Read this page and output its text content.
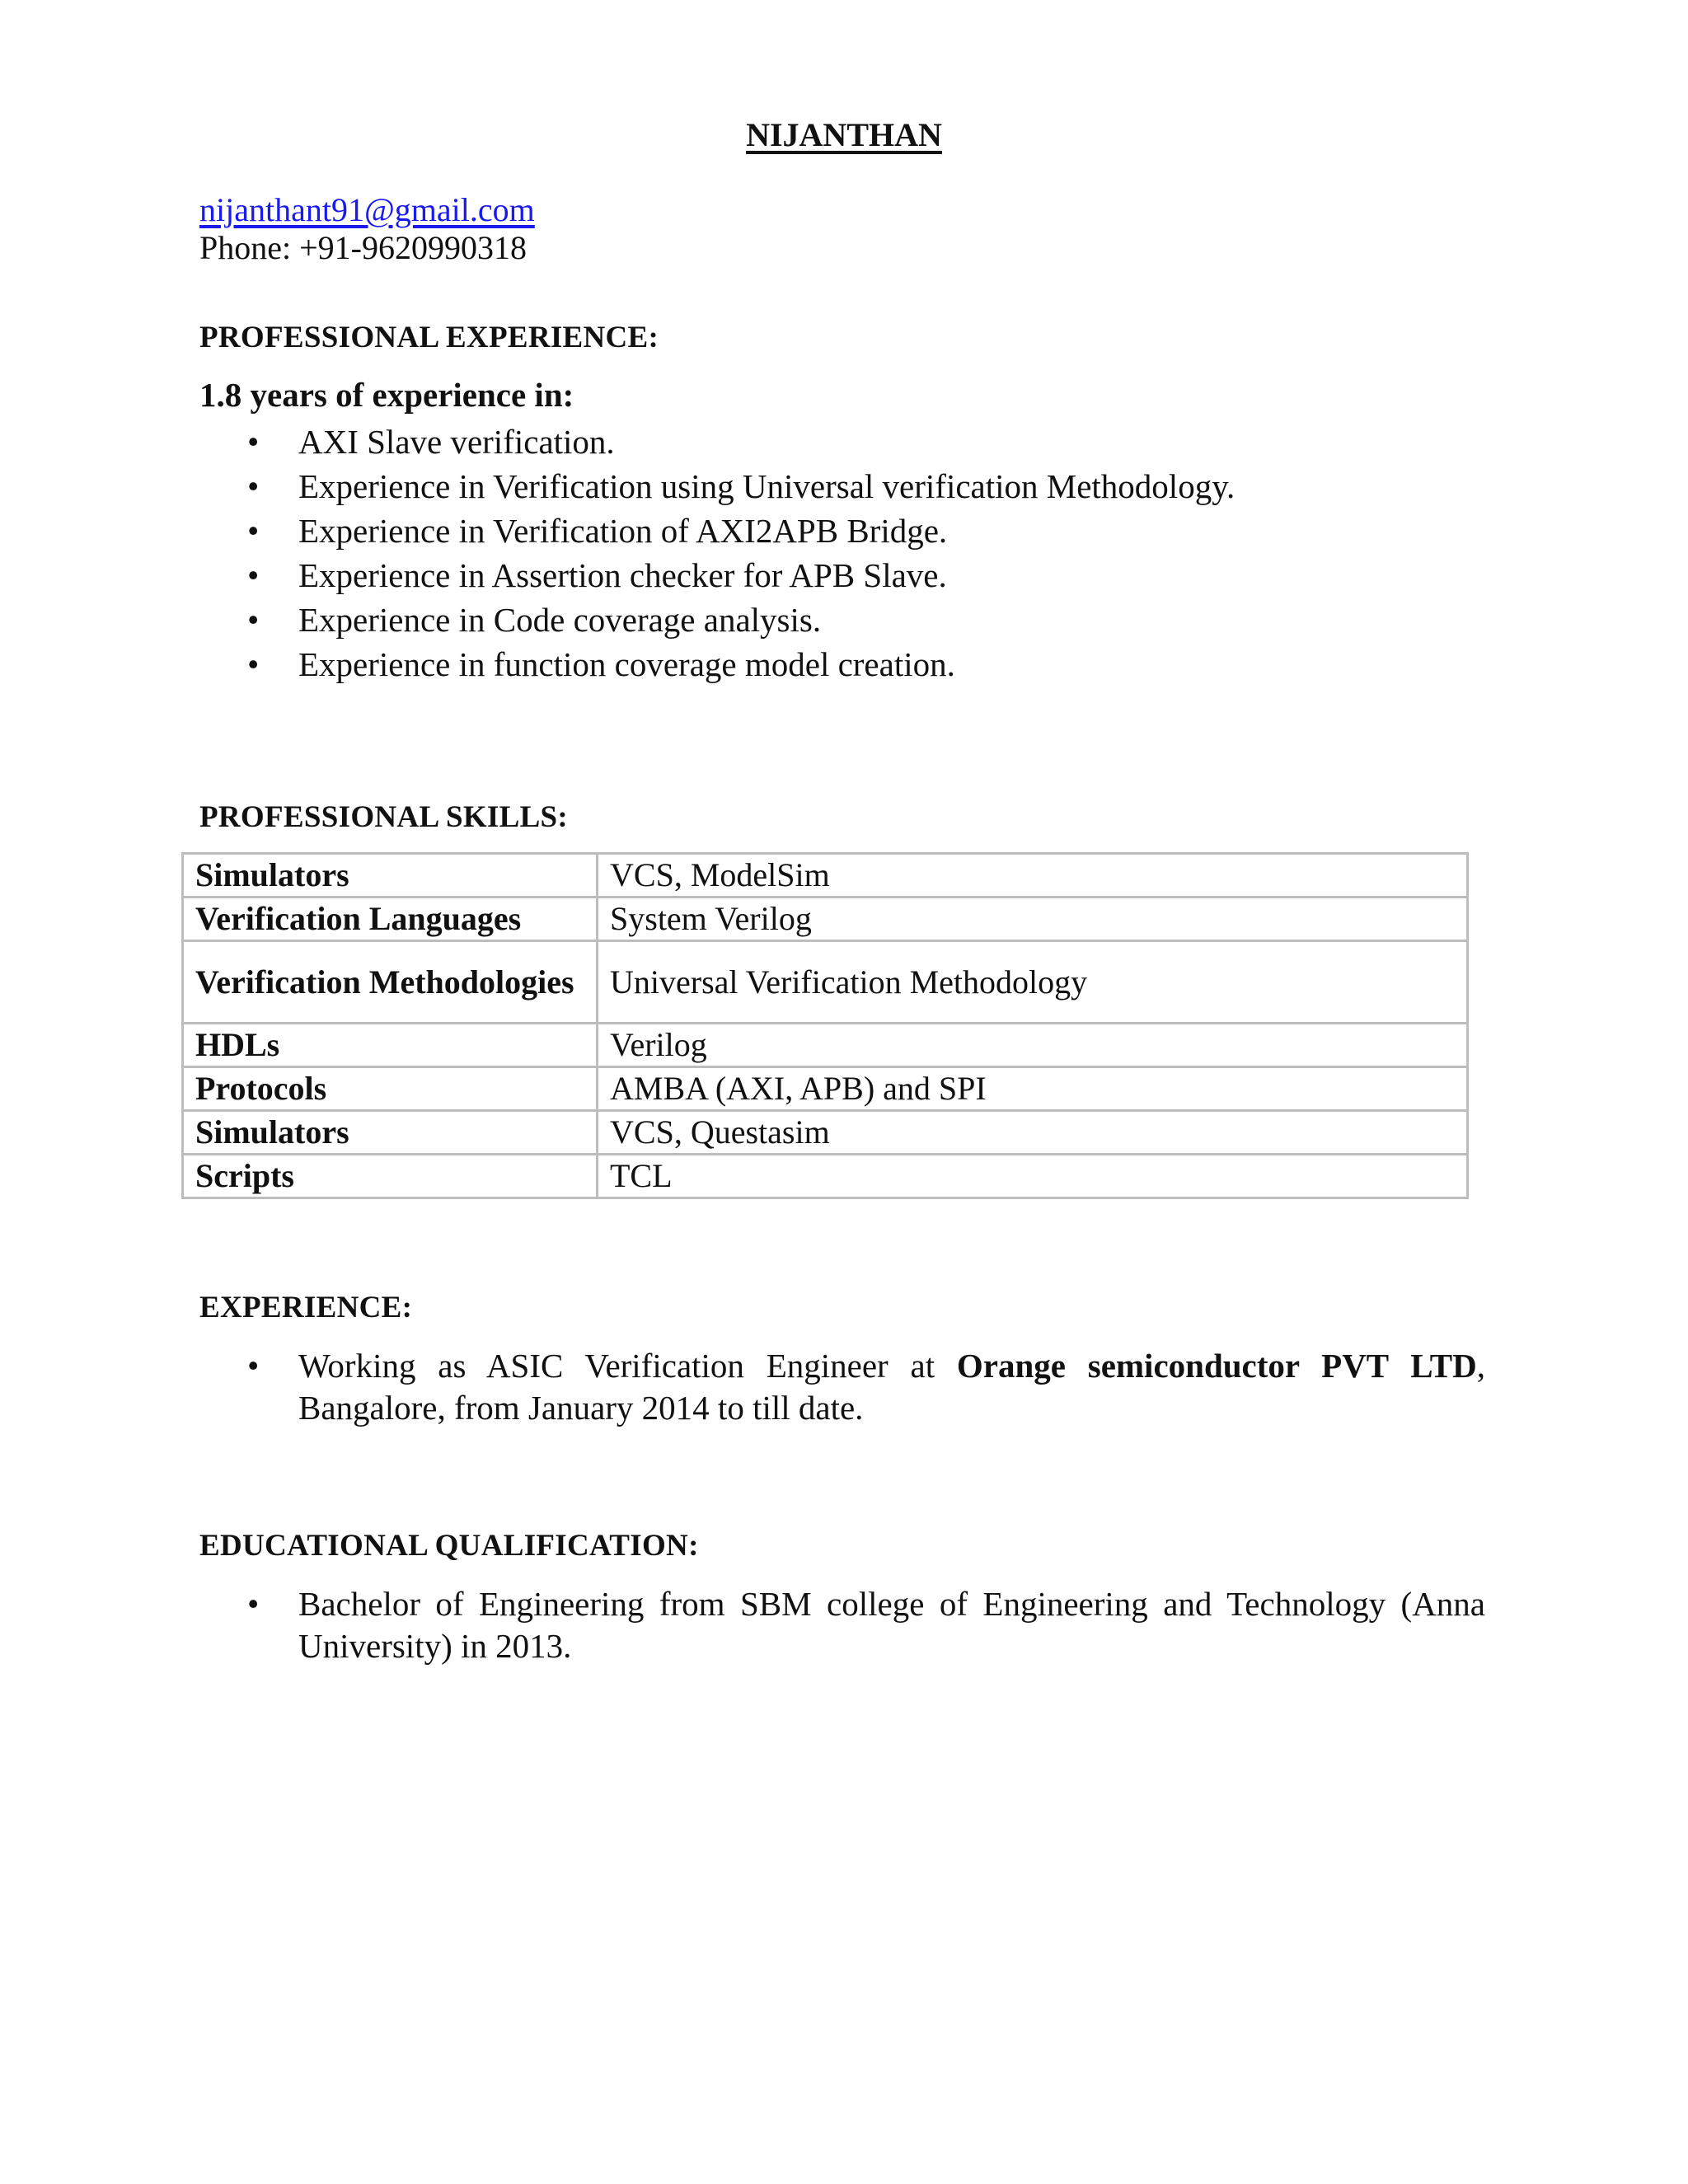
NIJANTHAN
nijanthant91@gmail.com
Phone: +91-9620990318
PROFESSIONAL EXPERIENCE:
1.8 years of experience in:
• AXI Slave verification.
• Experience in Verification using Universal verification Methodology.
• Experience in Verification of AXI2APB Bridge.
• Experience in Assertion checker for APB Slave.
• Experience in Code coverage analysis.
• Experience in function coverage model creation.
PROFESSIONAL SKILLS:
Simulators	VCS, ModelSim
Verification Languages	System Verilog
Verification Methodologies	Universal Verification Methodology
HDLs	Verilog
Protocols	AMBA (AXI, APB) and SPI
Simulators	VCS, Questasim
Scripts	TCL
EXPERIENCE:
• Working as ASIC Verification Engineer at Orange semiconductor PVT LTD, Bangalore, from January 2014 to till date.
EDUCATIONAL QUALIFICATION:
• Bachelor of Engineering from SBM college of Engineering and Technology (Anna University) in 2013.
